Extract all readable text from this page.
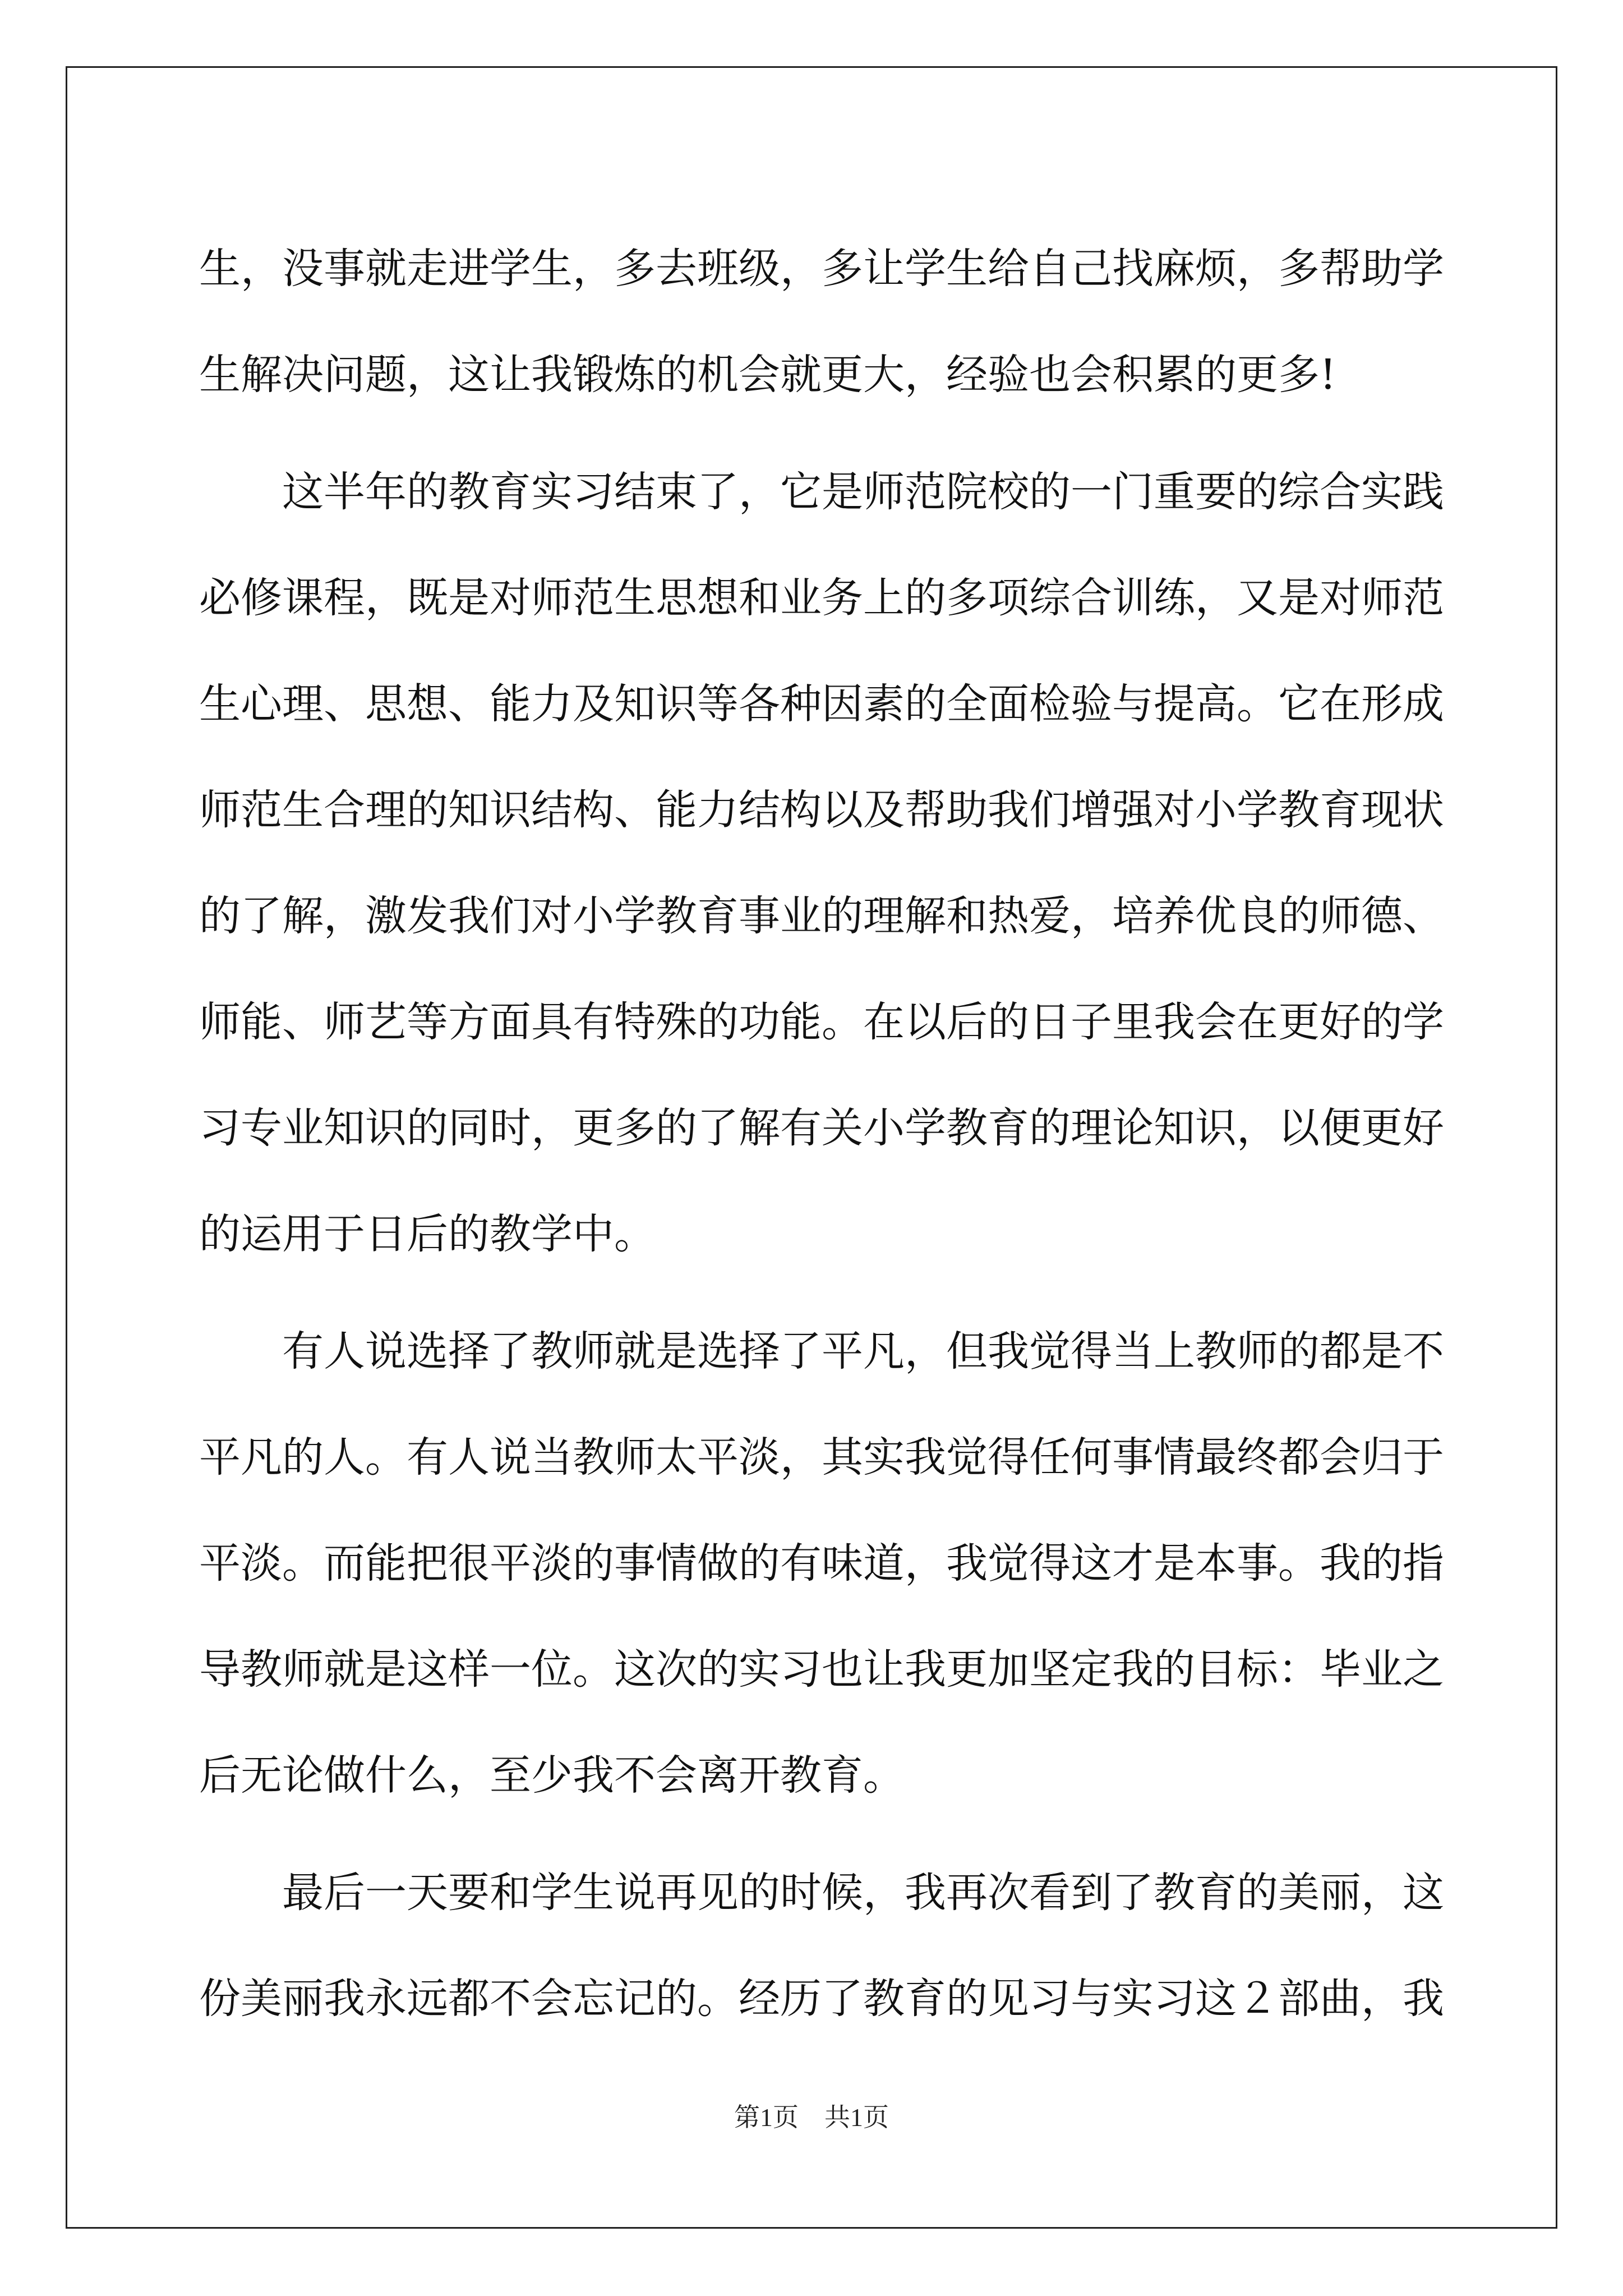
生，没事就走进学生，多去班级，多让学生给自己找麻烦，多帮助学
生解决问题，这让我锻炼的机会就更大，经验也会积累的更多!
　　这半年的教育实习结束了，它是师范院校的一门重要的综合实践
必修课程，既是对师范生思想和业务上的多项综合训练，又是对师范
生心理、思想、能力及知识等各种因素的全面检验与提高。它在形成
师范生合理的知识结构、能力结构以及帮助我们增强对小学教育现状
的了解，激发我们对小学教育事业的理解和热爱，培养优良的师德、
师能、师艺等方面具有特殊的功能。在以后的日子里我会在更好的学
习专业知识的同时，更多的了解有关小学教育的理论知识，以便更好
的运用于日后的教学中。
　　有人说选择了教师就是选择了平凡，但我觉得当上教师的都是不
平凡的人。有人说当教师太平淡，其实我觉得任何事情最终都会归于
平淡。而能把很平淡的事情做的有味道，我觉得这才是本事。我的指
导教师就是这样一位。这次的实习也让我更加坚定我的目标：毕业之
后无论做什么，至少我不会离开教育。
　　最后一天要和学生说再见的时候，我再次看到了教育的美丽，这
份美丽我永远都不会忘记的。经历了教育的见习与实习这２部曲，我
第1页　共1页
